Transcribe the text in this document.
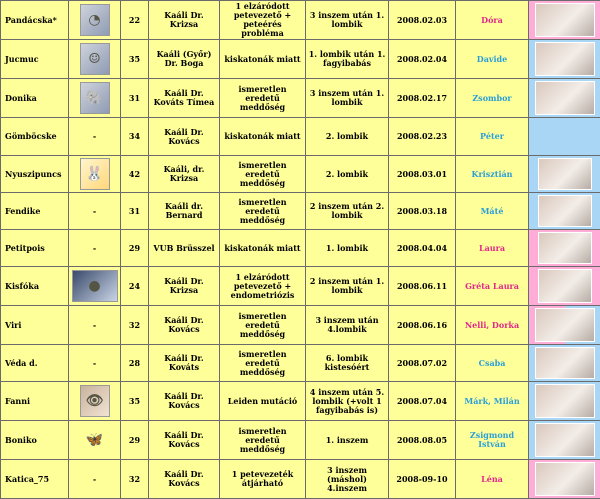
Pandácska*	◔	22	Kaáli Dr. Krizsa	1 elzáródott petevezető + peteérés probléma	3 inszem után 1. lombik	2008.02.03	Dóra	

Jucmuc	☺	35	Kaáli (Győr) Dr. Boga	kiskatonák miatt	1. lombik után 1. fagyibabás	2008.02.04	Davide	

Donika	🐘	31	Kaáli Dr. Kováts Tímea	ismeretlen eredetű meddőség	3 inszem után 1. lombik	2008.02.17	Zsombor	

Gömböcske	-	34	Kaáli Dr. Kovács	kiskatonák miatt	2. lombik	2008.02.23	Péter	
Nyuszipuncs	🐰	42	Kaáli, dr. Krizsa	ismeretlen eredetű meddőség	2. lombik	2008.03.01	Krisztián	

Fendike	-	31	Kaáli dr. Bernard	ismeretlen eredetű meddőség	2 inszem után 2. lombik	2008.03.18	Máté	

Petitpois	-	29	VUB Brüsszel	kiskatonák miatt	1. lombik	2008.04.04	Laura	

Kisfóka	●	24	Kaáli Dr. Krizsa	1 elzáródott petevezető + endometriózis	2 inszem után 1. lombik	2008.06.11	Gréta Laura	

Viri	-	32	Kaáli Dr. Kovács	ismeretlen eredetű meddőség	3 inszem után 4.lombik	2008.06.16	Nelli, Dorka	

Véda d.	-	28	Kaáli Dr. Kováts	ismeretlen eredetű meddőség	6. lombik kistesóért	2008.07.02	Csaba	

Fanni	👁	35	Kaáli Dr. Kovács	Leiden mutáció	4 inszem után 5. lombik (+volt 1 fagyibabás is)	2008.07.04	Márk, Milán	

Boniko	🦋	29	Kaáli Dr. Kovács	ismeretlen eredetű meddőség	1. inszem	2008.08.05	Zsigmond István	

Katica_75	-	32	Kaáli Dr. Kovács	1 petevezeték átjárható	3 inszem (máshol) 4.inszem	2008-09-10	Léna	
